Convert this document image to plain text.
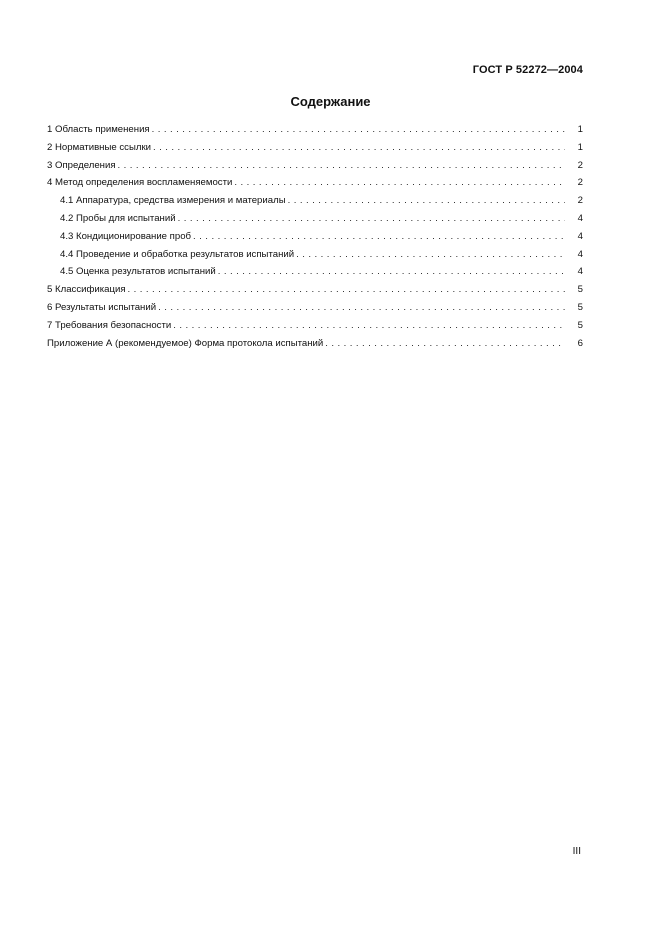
ГОСТ Р 52272—2004
Содержание
1 Область применения . . .	1
2 Нормативные ссылки . . .	1
3 Определения . . .	2
4 Метод определения воспламеняемости . . .	2
4.1 Аппаратура, средства измерения и материалы . . .	2
4.2 Пробы для испытаний . . .	4
4.3 Кондиционирование проб . . .	4
4.4 Проведение и обработка результатов испытаний . . .	4
4.5 Оценка результатов испытаний . . .	4
5 Классификация . . .	5
6 Результаты испытаний . . .	5
7 Требования безопасности . . .	5
Приложение А (рекомендуемое) Форма протокола испытаний . . .	6
III
